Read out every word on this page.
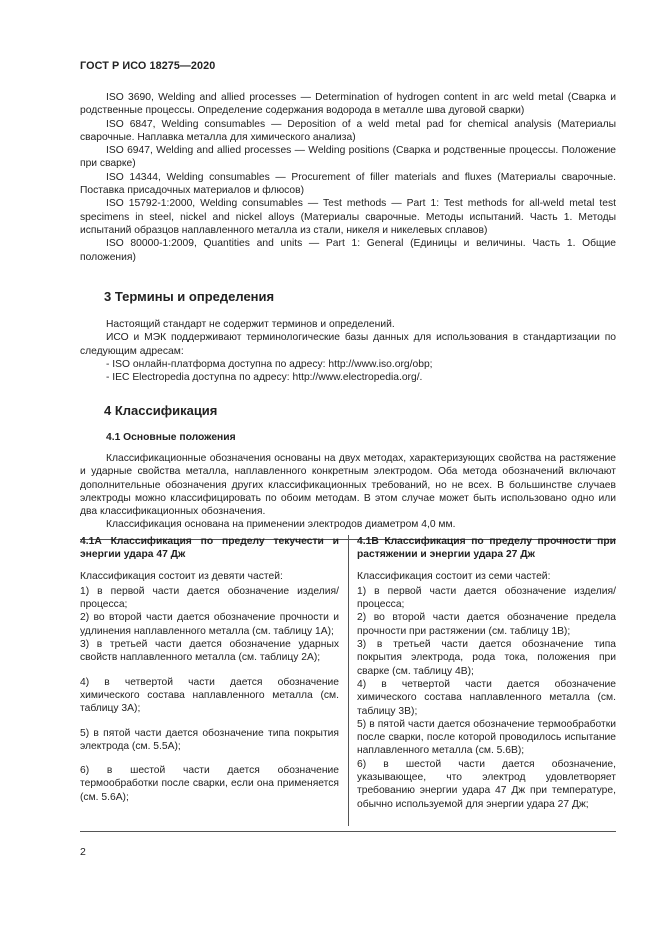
ГОСТ Р ИСО 18275—2020

ISO 3690, Welding and allied processes — Determination of hydrogen content in arc weld metal (Сварка и родственные процессы. Определение содержания водорода в металле шва дуговой сварки)

ISO 6847, Welding consumables — Deposition of a weld metal pad for chemical analysis (Материалы сварочные. Наплавка металла для химического анализа)

ISO 6947, Welding and allied processes — Welding positions (Сварка и родственные процессы. Положение при сварке)

ISO 14344, Welding consumables — Procurement of filler materials and fluxes (Материалы сварочные. Поставка присадочных материалов и флюсов)

ISO 15792-1:2000, Welding consumables — Test methods — Part 1: Test methods for all-weld metal test specimens in steel, nickel and nickel alloys (Материалы сварочные. Методы испытаний. Часть 1. Методы испытаний образцов наплавленного металла из стали, никеля и никелевых сплавов)

ISO 80000-1:2009, Quantities and units — Part 1: General (Единицы и величины. Часть 1. Общие положения)

3 Термины и определения

Настоящий стандарт не содержит терминов и определений.

ИСО и МЭК поддерживают терминологические базы данных для использования в стандартизации по следующим адресам:

- ISO онлайн-платформа доступна по адресу: http://www.iso.org/obp;

- IEC Electropedia доступна по адресу: http://www.electropedia.org/.

4 Классификация
4.1 Основные положения

Классификационные обозначения основаны на двух методах, характеризующих свойства на растяжение и ударные свойства металла, наплавленного конкретным электродом. Оба метода обозначений включают дополнительные обозначения других классификационных требований, но не всех. В большинстве случаев электроды можно классифицировать по обоим методам. В этом случае может быть использовано одно или два классификационных обозначения.

Классификация основана на применении электродов диаметром 4,0 мм.

4.1А Классификация по пределу текучести и энергии удара 47 Дж

Классификация состоит из девяти частей:

1) в первой части дается обозначение изделия/процесса;

2) во второй части дается обозначение прочности и удлинения наплавленного металла (см. таблицу 1А);

3) в третьей части дается обозначение ударных свойств наплавленного металла (см. таблицу 2А);

4) в четвертой части дается обозначение химического состава наплавленного металла (см. таблицу 3А);

5) в пятой части дается обозначение типа покрытия электрода (см. 5.5А);

6) в шестой части дается обозначение термообработки после сварки, если она применяется (см. 5.6А);

4.1В Классификация по пределу прочности при растяжении и энергии удара 27 Дж

Классификация состоит из семи частей:

1) в первой части дается обозначение изделия/процесса;

2) во второй части дается обозначение предела прочности при растяжении (см. таблицу 1В);

3) в третьей части дается обозначение типа покрытия электрода, рода тока, положения при сварке (см. таблицу 4В);

4) в четвертой части дается обозначение химического состава наплавленного металла (см. таблицу 3В);

5) в пятой части дается обозначение термообработки после сварки, после которой проводилось испытание наплавленного металла (см. 5.6В);

6) в шестой части дается обозначение, указывающее, что электрод удовлетворяет требованию энергии удара 47 Дж при температуре, обычно используемой для энергии удара 27 Дж;

2
